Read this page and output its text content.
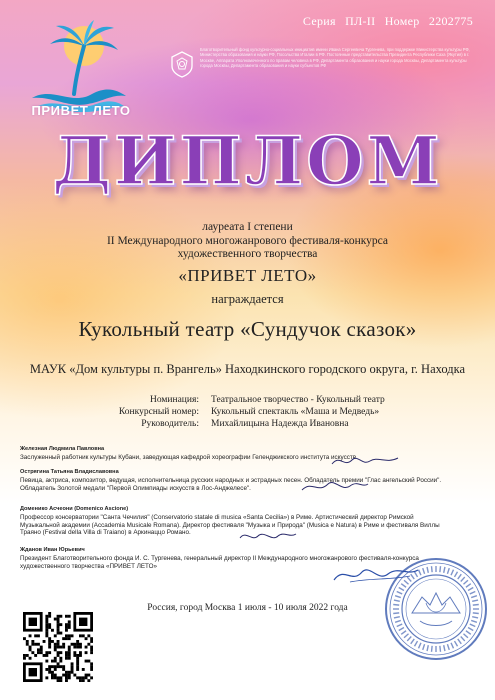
Серия ПЛ-II Номер 2202775
ПРИВЕТ ЛЕТО
Благотворительный фонд культурно-социальных инициатив имени Ивана Сергеевича Тургенева, при поддержке Министерства культуры РФ, Министерства образования и науки РФ, Посольства Италии в РФ. Постоянные представительства Президента Республики Саха (Якутия) в г. Москве, Аппарата Уполномоченного по правам человека в РФ, Департамента образования и науки города Москвы, Департамента культуры города Москвы, Департамента образования и науки субъектов РФ
ДИПЛОМ
лауреата I степени
II Международного многожанрового фестиваля-конкурса
художественного творчества
«ПРИВЕТ ЛЕТО»
награждается
Кукольный театр «Сундучок сказок»
МАУК «Дом культуры п. Врангель» Находкинского городского округа, г. Находка
Номинация:	Театральное творчество - Кукольный театр
Конкурсный номер:	Кукольный спектакль «Маша и Медведь»
Руководитель:	Михайлицына Надежда Ивановна
Железная Людмила Павловна
Заслуженный работник культуры Кубани, заведующая кафедрой хореографии Геленджикского института искусств.
Острягина Татьяна Владиславовна
Певица, актриса, композитор, ведущая, исполнительница русских народных и эстрадных песен. Обладатель премии "Глас ангельский России". Обладатель Золотой медали "Первой Олимпиады искусств в Лос-Анджелесе".
Доменико Асчеони (Domenico Ascione)
Профессор консерватории "Санта Чечилия" (Conservatorio statale di musica «Santa Cecilia») в Риме. Артистический директор Римской Музыкальной академии (Accademia Musicale Romana). Директор фестиваля "Музыка и Природа" (Musica e Natura) в Риме и фестиваля Виллы Траяно (Festival della Villa di Traiano) в Аркинаццо Романо.
Жданов Иван Юрьевич
Президент Благотворительного фонда И. С. Тургенева, генеральный директор II Международного многожанрового фестиваля-конкурса художественного творчества «ПРИВЕТ ЛЕТО»
Россия, город Москва 1 июля - 10 июля 2022 года
